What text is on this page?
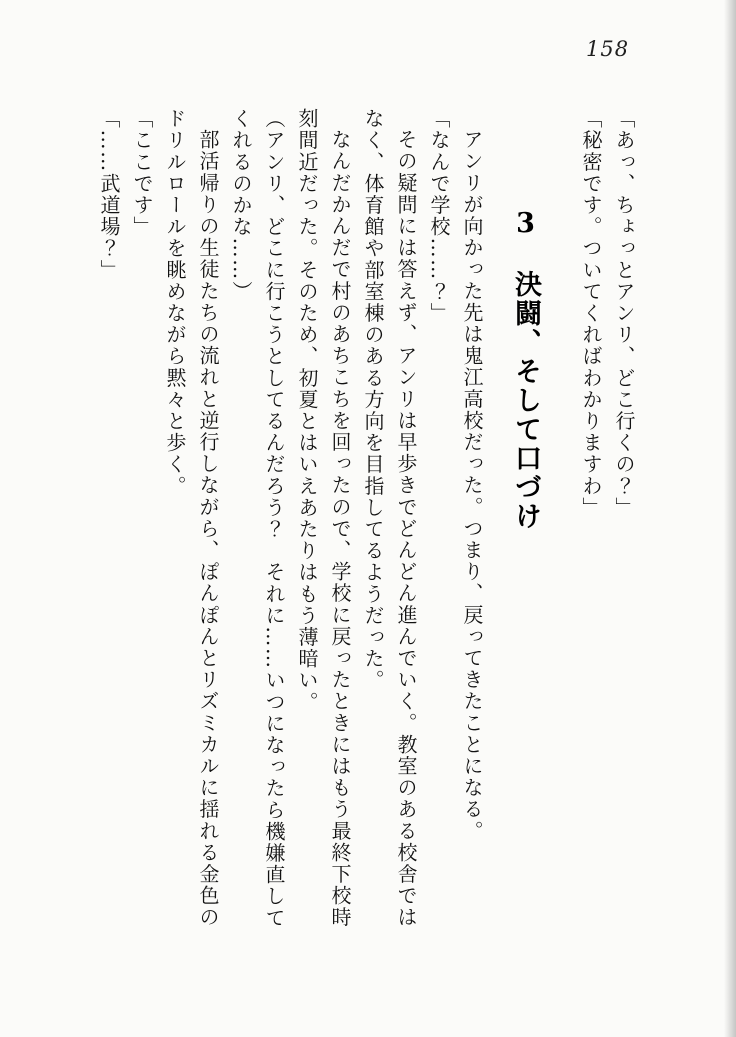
158

「あっ、ちょっとアンリ、どこ行くの？」

「秘密です。ついてくればわかりますわ」

3　決闘、そして口づけ

アンリが向かった先は鬼江高校だった。つまり、戻ってきたことになる。

「なんで学校……？」

その疑問には答えず、アンリは早歩きでどんどん進んでいく。教室のある校舎では

なく、体育館や部室棟のある方向を目指してるようだった。

なんだかんだで村のあちこちを回ったので、学校に戻ったときにはもう最終下校時

刻間近だった。そのため、初夏とはいえあたりはもう薄暗い。

（アンリ、どこに行こうとしてるんだろう？　それに……いつになったら機嫌直して

くれるのかな……）

部活帰りの生徒たちの流れと逆行しながら、ぽんぽんとリズミカルに揺れる金色の

ドリルロールを眺めながら黙々と歩く。

「ここです」

「……武道場？」
